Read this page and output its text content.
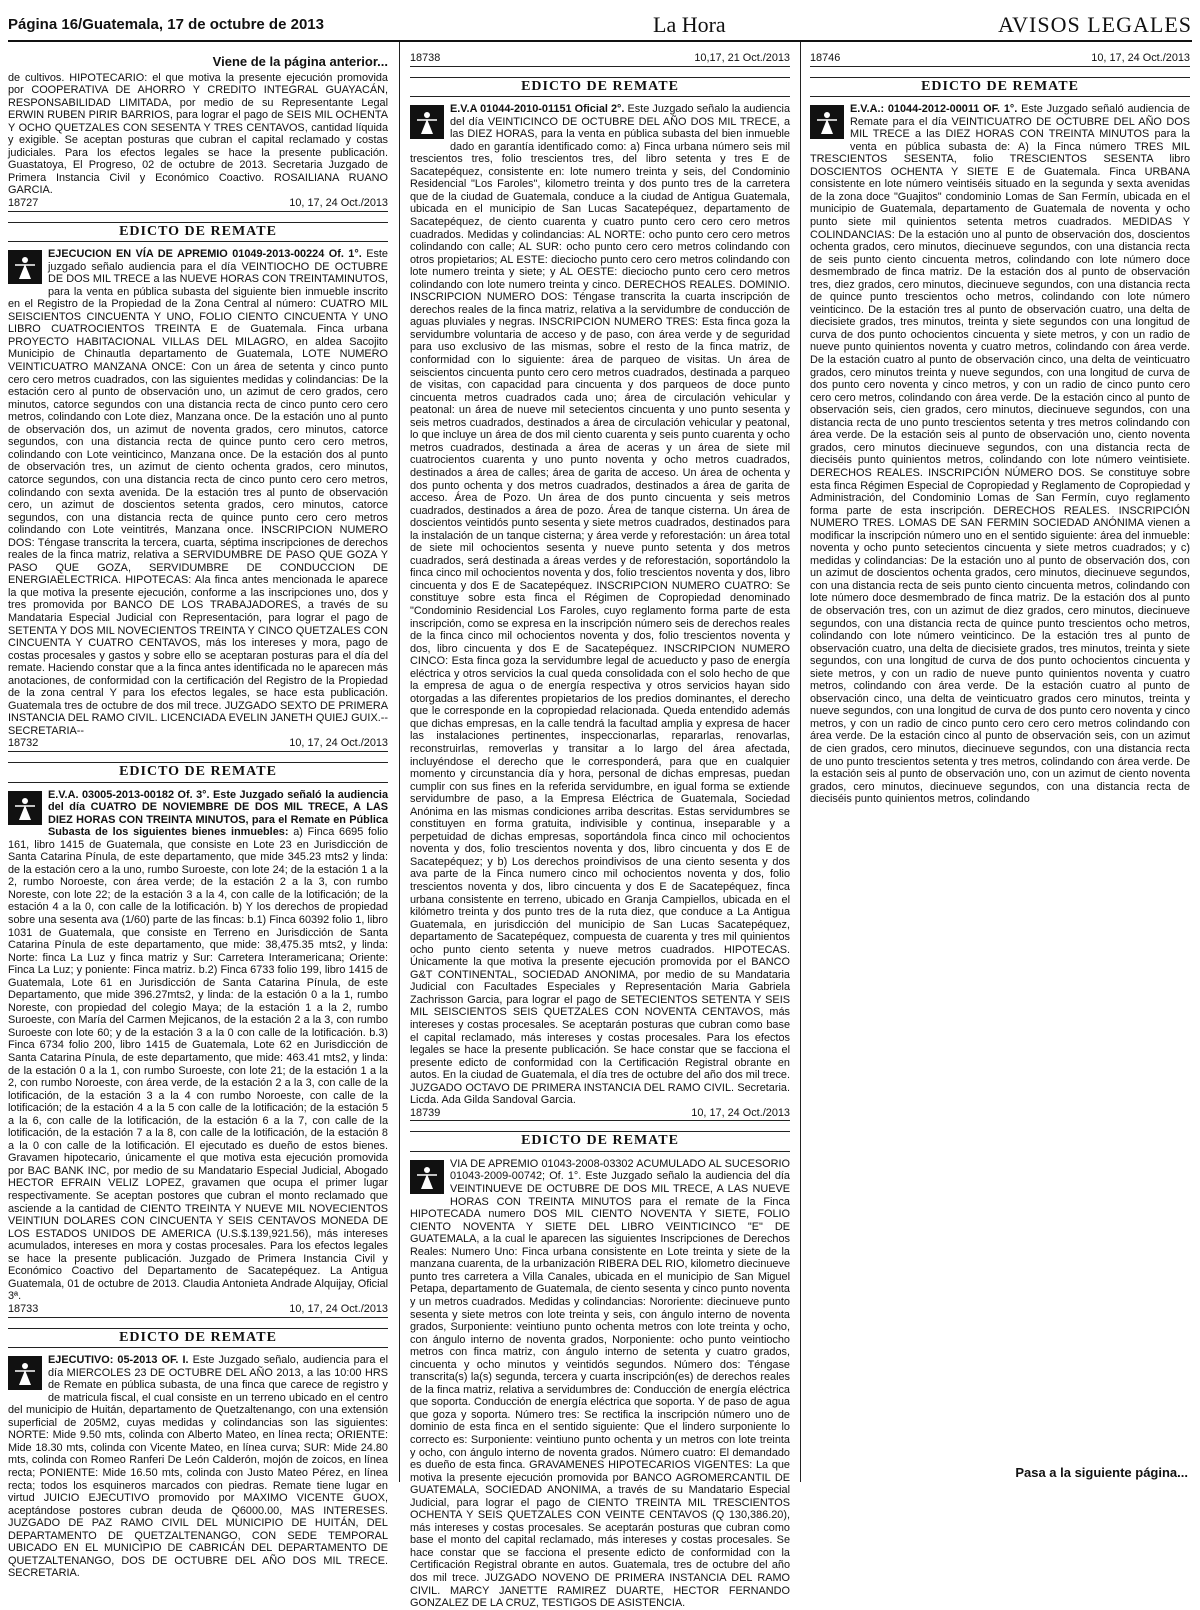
Página 16/Guatemala, 17 de octubre de 2013	La Hora	AVISOS LEGALES
Viene de la página anterior...

de cultivos. HIPOTECARIO: el que motiva la presente ejecución promovida por COOPERATIVA DE AHORRO Y CREDITO INTEGRAL GUAYACÁN, RESPONSABILIDAD LIMITADA, por medio de su Representante Legal ERWIN RUBEN PIRIR BARRIOS, para lograr el pago de SEIS MIL OCHENTA Y OCHO QUETZALES CON SESENTA Y TRES CENTAVOS, cantidad líquida y exigible. Se aceptan posturas que cubran el capital reclamado y costas judiciales. Para los efectos legales se hace la presente publicación. Guastatoya, El Progreso, 02 de octubre de 2013. Secretaria Juzgado de Primera Instancia Civil y Económico Coactivo. ROSAILIANA RUANO GARCIA.

18727	10, 17, 24 Oct./2013
EDICTO DE REMATE

EJECUCION EN VÍA DE APREMIO 01049-2013-00224 Of. 1°. Este juzgado señalo audiencia para el día VEINTIOCHO DE OCTUBRE DE DOS MIL TRECE a las NUEVE HORAS CON TREINTAMINUTOS, para la venta en pública subasta del siguiente bien inmueble inscrito en el Registro de la Propiedad de la Zona Central al número: CUATRO MIL SEISCIENTOS CINCUENTA Y UNO, FOLIO CIENTO CINCUENTA Y UNO LIBRO CUATROCIENTOS TREINTA E de Guatemala. Finca urbana PROYECTO HABITACIONAL VILLAS DEL MILAGRO, en aldea Sacojito Municipio de Chinautla departamento de Guatemala, LOTE NUMERO VEINTICUATRO MANZANA ONCE: Con un área de setenta y cinco punto cero cero metros cuadrados, con las siguientes medidas y colindancias: De la estación cero al punto de observación uno, un azimut de cero grados, cero minutos, catorce segundos con una distancia recta de cinco punto cero cero metros, colindando con Lote diez, Manzana once. De la estación uno al punto de observación dos, un azimut de noventa grados, cero minutos, catorce segundos, con una distancia recta de quince punto cero cero metros, colindando con Lote veinticinco, Manzana once. De la estación dos al punto de observación tres, un azimut de ciento ochenta grados, cero minutos, catorce segundos, con una distancia recta de cinco punto cero cero metros, colindando con sexta avenida. De la estación tres al punto de observación cero, un azimut de doscientos setenta grados, cero minutos, catorce segundos, con una distancia recta de quince punto cero cero metros colindando con Lote veintitrés, Manzana once. INSCRIPCION NUMERO DOS: Téngase transcrita la tercera, cuarta, séptima inscripciones de derechos reales de la finca matriz, relativa a SERVIDUMBRE DE PASO QUE GOZA Y PASO QUE GOZA, SERVIDUMBRE DE CONDUCCION DE ENERGIAELECTRICA. HIPOTECAS: Ala finca antes mencionada le aparece la que motiva la presente ejecución, conforme a las inscripciones uno, dos y tres promovida por BANCO DE LOS TRABAJADORES, a través de su Mandataria Especial Judicial con Representación, para lograr el pago de SETENTA Y DOS MIL NOVECIENTOS TREINTA Y CINCO QUETZALES CON CINCUENTA Y CUATRO CENTAVOS, más los intereses y mora, pago de costas procesales y gastos y sobre ello se aceptaran posturas para el día del remate. Haciendo constar que a la finca antes identificada no le aparecen más anotaciones, de conformidad con la certificación del Registro de la Propiedad de la zona central Y para los efectos legales, se hace esta publicación. Guatemala tres de octubre de dos mil trece. JUZGADO SEXTO DE PRIMERA INSTANCIA DEL RAMO CIVIL. LICENCIADA EVELIN JANETH QUIEJ GUIX.--SECRETARIA--

18732	10, 17, 24 Oct./2013
EDICTO DE REMATE

E.V.A. 03005-2013-00182 Of. 3°. Este Juzgado señaló la audiencia del día CUATRO DE NOVIEMBRE DE DOS MIL TRECE, A LAS DIEZ HORAS CON TREINTA MINUTOS, para el Remate en Pública Subasta de los siguientes bienes inmuebles: a) Finca 6695 folio 161, libro 1415 de Guatemala, que consiste en Lote 23 en Jurisdicción de Santa Catarina Pínula, de este departamento, que mide 345.23 mts2 y linda: de la estación cero a la uno, rumbo Suroeste, con lote 24; de la estación 1 a la 2, rumbo Noroeste, con área verde; de la estación 2 a la 3, con rumbo Noreste, con lote 22; de la estación 3 a la 4, con calle de la lotificación; de la estación 4 a la 0, con calle de la lotificación. b) Y los derechos de propiedad sobre una sesenta ava (1/60) parte de las fincas: b.1) Finca 60392 folio 1, libro 1031 de Guatemala, que consiste en Terreno en Jurisdicción de Santa Catarina Pínula de este departamento, que mide: 38,475.35 mts2, y linda: Norte: finca La Luz y finca matriz y Sur: Carretera Interamericana; Oriente: Finca La Luz; y poniente: Finca matriz. b.2) Finca 6733 folio 199, libro 1415 de Guatemala, Lote 61 en Jurisdicción de Santa Catarina Pínula, de este Departamento, que mide 396.27mts2, y linda: de la estación 0 a la 1, rumbo Noreste, con propiedad del colegio Maya; de la estación 1 a la 2, rumbo Suroeste, con María del Carmen Mejicanos, de la estación 2 a la 3, con rumbo Suroeste con lote 60; y de la estación 3 a la 0 con calle de la lotificación. b.3) Finca 6734 folio 200, libro 1415 de Guatemala, Lote 62 en Jurisdicción de Santa Catarina Pínula, de este departamento, que mide: 463.41 mts2, y linda: de la estación 0 a la 1, con rumbo Suroeste, con lote 21; de la estación 1 a la 2, con rumbo Noroeste, con área verde, de la estación 2 a la 3, con calle de la lotificación, de la estación 3 a la 4 con rumbo Noroeste, con calle de la lotificación; de la estación 4 a la 5 con calle de la lotificación; de la estación 5 a la 6, con calle de la lotificación, de la estación 6 a la 7, con calle de la lotificación, de la estación 7 a la 8, con calle de la lotificación, de la estación 8 a la 0 con calle de la lotificación. El ejecutado es dueño de estos bienes. Gravamen hipotecario, únicamente el que motiva esta ejecución promovida por BAC BANK INC, por medio de su Mandatario Especial Judicial, Abogado HECTOR EFRAIN VELIZ LOPEZ, gravamen que ocupa el primer lugar respectivamente. Se aceptan postores que cubran el monto reclamado que asciende a la cantidad de CIENTO TREINTA Y NUEVE MIL NOVECIENTOS VEINTIUN DOLARES CON CINCUENTA Y SEIS CENTAVOS MONEDA DE LOS ESTADOS UNIDOS DE AMERICA (U.S.$.139,921.56), más intereses acumulados, intereses en mora y costas procesales. Para los efectos legales se hace la presente publicación. Juzgado de Primera Instancia Civil y Económico Coactivo del Departamento de Sacatepéquez. La Antigua Guatemala, 01 de octubre de 2013. Claudia Antonieta Andrade Alquijay, Oficial 3ª.

18733	10, 17, 24 Oct./2013
EDICTO DE REMATE

EJECUTIVO: 05-2013 OF. I. Este Juzgado señalo, audiencia para el día MIERCOLES 23 DE OCTUBRE DEL AÑO 2013, a las 10:00 HRS de Remate en pública subasta, de una finca que carece de registro y de matricula fiscal, el cual consiste en un terreno ubicado en el centro del municipio de Huitán, departamento de Quetzaltenango, con una extensión superficial de 205M2, cuyas medidas y colindancias son las siguientes: NORTE: Mide 9.50 mts, colinda con Alberto Mateo, en línea recta; ORIENTE: Mide 18.30 mts, colinda con Vicente Mateo, en línea curva; SUR: Mide 24.80 mts, colinda con Romeo Ranferi De León Calderón, mojón de zoicos, en línea recta; PONIENTE: Mide 16.50 mts, colinda con Justo Mateo Pérez, en línea recta; todos los esquineros marcados con piedras. Remate tiene lugar en virtud JUICIO EJECUTIVO promovido por MAXIMO VICENTE GUOX, aceptándose postores cubran deuda de Q6000.00, MAS INTERESES. JUZGADO DE PAZ RAMO CIVIL DEL MUNICIPIO DE HUITÁN, DEL DEPARTAMENTO DE QUETZALTENANGO, CON SEDE TEMPORAL UBICADO EN EL MUNICIPIO DE CABRICÁN DEL DEPARTAMENTO DE QUETZALTENANGO, DOS DE OCTUBRE DEL AÑO DOS MIL TRECE. SECRETARIA.

18738	10,17, 21 Oct./2013
EDICTO DE REMATE

E.V.A 01044-2010-01151 Oficial 2°. Este Juzgado señalo la audiencia del día VEINTICINCO DE OCTUBRE DEL AÑO DOS MIL TRECE, a las DIEZ HORAS, para la venta en pública subasta del bien inmueble dado en garantía identificado como: a) Finca urbana número seis mil trescientos tres, folio trescientos tres, del libro setenta y tres E de Sacatepéquez, consistente en: lote numero treinta y seis, del Condominio Residencial "Los Faroles", kilometro treinta y dos punto tres de la carretera que de la ciudad de Guatemala, conduce a la ciudad de Antigua Guatemala, ubicada en el municipio de San Lucas Sacatepéquez, departamento de Sacatepéquez, de ciento cuarenta y cuatro punto cero cero cero metros cuadrados. Medidas y colindancias: AL NORTE: ocho punto cero cero metros colindando con calle; AL SUR: ocho punto cero cero metros colindando con otros propietarios; AL ESTE: dieciocho punto cero cero metros colindando con lote numero treinta y siete; y AL OESTE: dieciocho punto cero cero metros colindando con lote numero treinta y cinco. DERECHOS REALES. DOMINIO. INSCRIPCION NUMERO DOS: Téngase transcrita la cuarta inscripción de derechos reales de la finca matriz, relativa a la servidumbre de conducción de aguas pluviales y negras. INSCRIPCION NUMERO TRES: Esta finca goza la servidumbre voluntaria de acceso y de paso, con área verde y de seguridad para uso exclusivo de las mismas, sobre el resto de la finca matriz, de conformidad con lo siguiente: área de parqueo de visitas. Un área de seiscientos cincuenta punto cero cero metros cuadrados, destinada a parqueo de visitas, con capacidad para cincuenta y dos parqueos de doce punto cincuenta metros cuadrados cada uno; área de circulación vehicular y peatonal: un área de nueve mil setecientos cincuenta y uno punto sesenta y seis metros cuadrados, destinados a área de circulación vehicular y peatonal, lo que incluye un área de dos mil ciento cuarenta y seis punto cuarenta y ocho metros cuadrados, destinada a área de aceras y un área de siete mil cuatrocientos cuarenta y uno punto noventa y ocho metros cuadrados, destinados a área de calles; área de garita de acceso. Un área de ochenta y dos punto ochenta y dos metros cuadrados, destinados a área de garita de acceso. Área de Pozo. Un área de dos punto cincuenta y seis metros cuadrados, destinados a área de pozo. Área de tanque cisterna. Un área de doscientos veintidós punto sesenta y siete metros cuadrados, destinados para la instalación de un tanque cisterna; y área verde y reforestación: un área total de siete mil ochocientos sesenta y nueve punto setenta y dos metros cuadrados, será destinada a áreas verdes y de reforestación, soportándolo la finca cinco mil ochocientos noventa y dos, folio trescientos noventa y dos, libro cincuenta y dos E de Sacatepéquez. INSCRIPCION NUMERO CUATRO: Se constituye sobre esta finca el Régimen de Copropiedad denominado "Condominio Residencial Los Faroles, cuyo reglamento forma parte de esta inscripción, como se expresa en la inscripción número seis de derechos reales de la finca cinco mil ochocientos noventa y dos, folio trescientos noventa y dos, libro cincuenta y dos E de Sacatepéquez. INSCRIPCION NUMERO CINCO: Esta finca goza la servidumbre legal de acueducto y paso de energía eléctrica y otros servicios la cual queda consolidada con el solo hecho de que la empresa de agua o de energía respectiva y otros servicios hayan sido otorgadas a las diferentes propietarios de los predios dominantes, el derecho que le corresponde en la copropiedad relacionada. Queda entendido además que dichas empresas, en la calle tendrá la facultad amplia y expresa de hacer las instalaciones pertinentes, inspeccionarlas, repararlas, renovarlas, reconstruirlas, removerlas y transitar a lo largo del área afectada, incluyéndose el derecho que le corresponderá, para que en cualquier momento y circunstancia día y hora, personal de dichas empresas, puedan cumplir con sus fines en la referida servidumbre, en igual forma se extiende servidumbre de paso, a la Empresa Eléctrica de Guatemala, Sociedad Anónima en las mismas condiciones arriba descritas. Estas servidumbres se constituyen en forma gratuita, indivisible y continua, inseparable y a perpetuidad de dichas empresas, soportándola finca cinco mil ochocientos noventa y dos, folio trescientos noventa y dos, libro cincuenta y dos E de Sacatepéquez; y b) Los derechos proindivisos de una ciento sesenta y dos ava parte de la Finca numero cinco mil ochocientos noventa y dos, folio trescientos noventa y dos, libro cincuenta y dos E de Sacatepéquez, finca urbana consistente en terreno, ubicado en Granja Campiellos, ubicada en el kilómetro treinta y dos punto tres de la ruta diez, que conduce a La Antigua Guatemala, en jurisdicción del municipio de San Lucas Sacatepéquez, departamento de Sacatepéquez, compuesta de cuarenta y tres mil quinientos ocho punto ciento setenta y nueve metros cuadrados. HIPOTECAS. Únicamente la que motiva la presente ejecución promovida por el BANCO G&T CONTINENTAL, SOCIEDAD ANONIMA, por medio de su Mandataria Judicial con Facultades Especiales y Representación Maria Gabriela Zachrisson Garcia, para lograr el pago de SETECIENTOS SETENTA Y SEIS MIL SEISCIENTOS SEIS QUETZALES CON NOVENTA CENTAVOS, más intereses y costas procesales. Se aceptarán posturas que cubran como base el capital reclamado, más intereses y costas procesales. Para los efectos legales se hace la presente publicación. Se hace constar que se facciona el presente edicto de conformidad con la Certificación Registral obrante en autos. En la ciudad de Guatemala, el día tres de octubre del año dos mil trece. JUZGADO OCTAVO DE PRIMERA INSTANCIA DEL RAMO CIVIL. Secretaria. Licda. Ada Gilda Sandoval Garcia.

18739	10, 17, 24 Oct./2013
EDICTO DE REMATE

VIA DE APREMIO 01043-2008-03302 ACUMULADO AL SUCESORIO 01043-2009-00742; Of. 1°. Este Juzgado señalo la audiencia del día VEINTINUEVE DE OCTUBRE DE DOS MIL TRECE, A LAS NUEVE HORAS CON TREINTA MINUTOS para el remate de la Finca HIPOTECADA numero DOS MIL CIENTO NOVENTA Y SIETE, FOLIO CIENTO NOVENTA Y SIETE DEL LIBRO VEINTICINCO "E" DE GUATEMALA, a la cual le aparecen las siguientes Inscripciones de Derechos Reales: Numero Uno: Finca urbana consistente en Lote treinta y siete de la manzana cuarenta, de la urbanización RIBERA DEL RIO, kilometro diecinueve punto tres carretera a Villa Canales, ubicada en el municipio de San Miguel Petapa, departamento de Guatemala, de ciento sesenta y cinco punto noventa y un metros cuadrados. Medidas y colindancias: Nororiente: diecinueve punto sesenta y siete metros con lote treinta y seis, con ángulo interno de noventa grados, Surponiente: veintiuno punto ochenta metros con lote treinta y ocho, con ángulo interno de noventa grados, Norponiente: ocho punto veintiocho metros con finca matriz, con ángulo interno de setenta y cuatro grados, cincuenta y ocho minutos y veintidós segundos. Número dos: Téngase transcrita(s) la(s) segunda, tercera y cuarta inscripción(es) de derechos reales de la finca matriz, relativa a servidumbres de: Conducción de energía eléctrica que soporta. Conducción de energía eléctrica que soporta. Y de paso de agua que goza y soporta. Número tres: Se rectifica la inscripción número uno de dominio de esta finca en el sentido siguiente: Que el lindero surponiente lo correcto es: Surponiente: veintiuno punto ochenta y un metros con lote treinta y ocho, con ángulo interno de noventa grados. Número cuatro: El demandado es dueño de esta finca. GRAVAMENES HIPOTECARIOS VIGENTES: La que motiva la presente ejecución promovida por BANCO AGROMERCANTIL DE GUATEMALA, SOCIEDAD ANONIMA, a través de su Mandatario Especial Judicial, para lograr el pago de CIENTO TREINTA MIL TRESCIENTOS OCHENTA Y SEIS QUETZALES CON VEINTE CENTAVOS (Q 130,386.20), más intereses y costas procesales. Se aceptarán posturas que cubran como base el monto del capital reclamado, más intereses y costas procesales. Se hace constar que se facciona el presente edicto de conformidad con la Certificación Registral obrante en autos. Guatemala, tres de octubre del año dos mil trece. JUZGADO NOVENO DE PRIMERA INSTANCIA DEL RAMO CIVIL. MARCY JANETTE RAMIREZ DUARTE, HECTOR FERNANDO GONZALEZ DE LA CRUZ, TESTIGOS DE ASISTENCIA.

18746	10, 17, 24 Oct./2013
EDICTO DE REMATE

E.V.A.: 01044-2012-00011 OF. 1°. Este Juzgado señaló audiencia de Remate para el día VEINTICUATRO DE OCTUBRE DEL AÑO DOS MIL TRECE a las DIEZ HORAS CON TREINTA MINUTOS para la venta en pública subasta de: A) la Finca número TRES MIL TRESCIENTOS SESENTA, folio TRESCIENTOS SESENTA libro DOSCIENTOS OCHENTA Y SIETE E de Guatemala. Finca URBANA consistente en lote número veintiséis situado en la segunda y sexta avenidas de la zona doce "Guajitos" condominio Lomas de San Fermín, ubicada en el municipio de Guatemala, departamento de Guatemala de noventa y ocho punto siete mil quinientos setenta metros cuadrados. MEDIDAS Y COLINDANCIAS: De la estación uno al punto de observación dos, doscientos ochenta grados, cero minutos, diecinueve segundos, con una distancia recta de seis punto ciento cincuenta metros, colindando con lote número doce desmembrado de finca matriz. De la estación dos al punto de observación tres, diez grados, cero minutos, diecinueve segundos, con una distancia recta de quince punto trescientos ocho metros, colindando con lote número veinticinco. De la estación tres al punto de observación cuatro, una delta de diecisiete grados, tres minutos, treinta y siete segundos con una longitud de curva de dos punto ochocientos cincuenta y siete metros, y con un radio de nueve punto quinientos noventa y cuatro metros, colindando con área verde. De la estación cuatro al punto de observación cinco, una delta de veinticuatro grados, cero minutos treinta y nueve segundos, con una longitud de curva de dos punto cero noventa y cinco metros, y con un radio de cinco punto cero cero cero metros, colindando con área verde. De la estación cinco al punto de observación seis, cien grados, cero minutos, diecinueve segundos, con una distancia recta de uno punto trescientos setenta y tres metros colindando con área verde. De la estación seis al punto de observación uno, ciento noventa grados, cero minutos diecinueve segundos, con una distancia recta de dieciséis punto quinientos metros, colindando con lote número veintisiete. DERECHOS REALES. INSCRIPCIÓN NÚMERO DOS. Se constituye sobre esta finca Régimen Especial de Copropiedad y Reglamento de Copropiedad y Administración, del Condominio Lomas de San Fermín, cuyo reglamento forma parte de esta inscripción. DERECHOS REALES. INSCRIPCIÓN NUMERO TRES. LOMAS DE SAN FERMIN SOCIEDAD ANÓNIMA vienen a modificar la inscripción número uno en el sentido siguiente: área del inmueble: noventa y ocho punto setecientos cincuenta y siete metros cuadrados; y c) medidas y colindancias: De la estación uno al punto de observación dos, con un azimut de doscientos ochenta grados, cero minutos, diecinueve segundos, con una distancia recta de seis punto ciento cincuenta metros, colindando con lote número doce desmembrado de finca matriz. De la estación dos al punto de observación tres, con un azimut de diez grados, cero minutos, diecinueve segundos, con una distancia recta de quince punto trescientos ocho metros, colindando con lote número veinticinco. De la estación tres al punto de observación cuatro, una delta de diecisiete grados, tres minutos, treinta y siete segundos, con una longitud de curva de dos punto ochocientos cincuenta y siete metros, y con un radio de nueve punto quinientos noventa y cuatro metros, colindando con área verde. De la estación cuatro al punto de observación cinco, una delta de veinticuatro grados cero minutos, treinta y nueve segundos, con una longitud de curva de dos punto cero noventa y cinco metros, y con un radio de cinco punto cero cero cero metros colindando con área verde. De la estación cinco al punto de observación seis, con un azimut de cien grados, cero minutos, diecinueve segundos, con una distancia recta de uno punto trescientos setenta y tres metros, colindando con área verde. De la estación seis al punto de observación uno, con un azimut de ciento noventa grados, cero minutos, diecinueve segundos, con una distancia recta de dieciséis punto quinientos metros, colindando

Pasa a la siguiente página...
